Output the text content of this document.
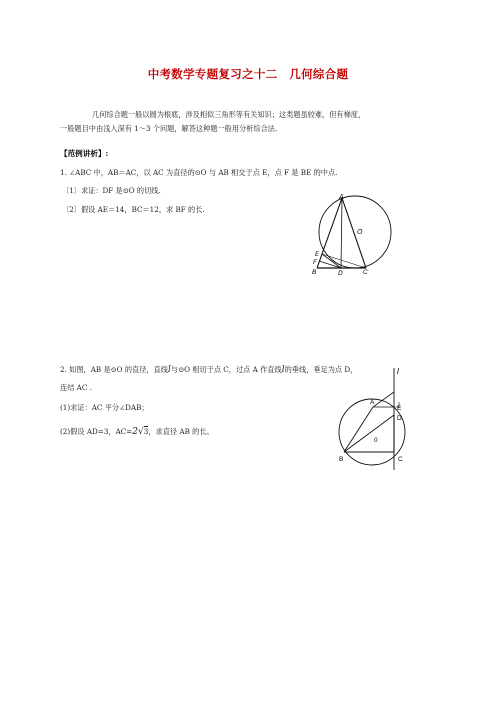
中考数学专题复习之十二　几何综合题
几何综合题一般以圆为根底，涉及相似三角形等有关知识；这类题虽较难，但有梯度，
一般题目中由浅入深有 1～3 个问题，解答这种题一般用分析综合法.
【范例讲析】:
1. ∠ABC 中，AB＝AC，以 AC 为直径的⊙O 与 AB 相交于点 E，点 F 是 BE 的中点.
〔1〕求证：DF 是⊙O 的切线.
〔2〕假设 AE＝14，BC＝12，求 BF 的长.
A
O
E
F
B	D	C
2. 如图，AB 是⊙O 的直径，直线l与⊙O 相切于点 C，过点 A 作直线l的垂线，垂足为点 D，
连结 AC .
(1)求证：AC 平分∠DAB；
(2)假设 AD=3，AC=2√3，求直径 AB 的长。
l
A
E
D
0
B	C
